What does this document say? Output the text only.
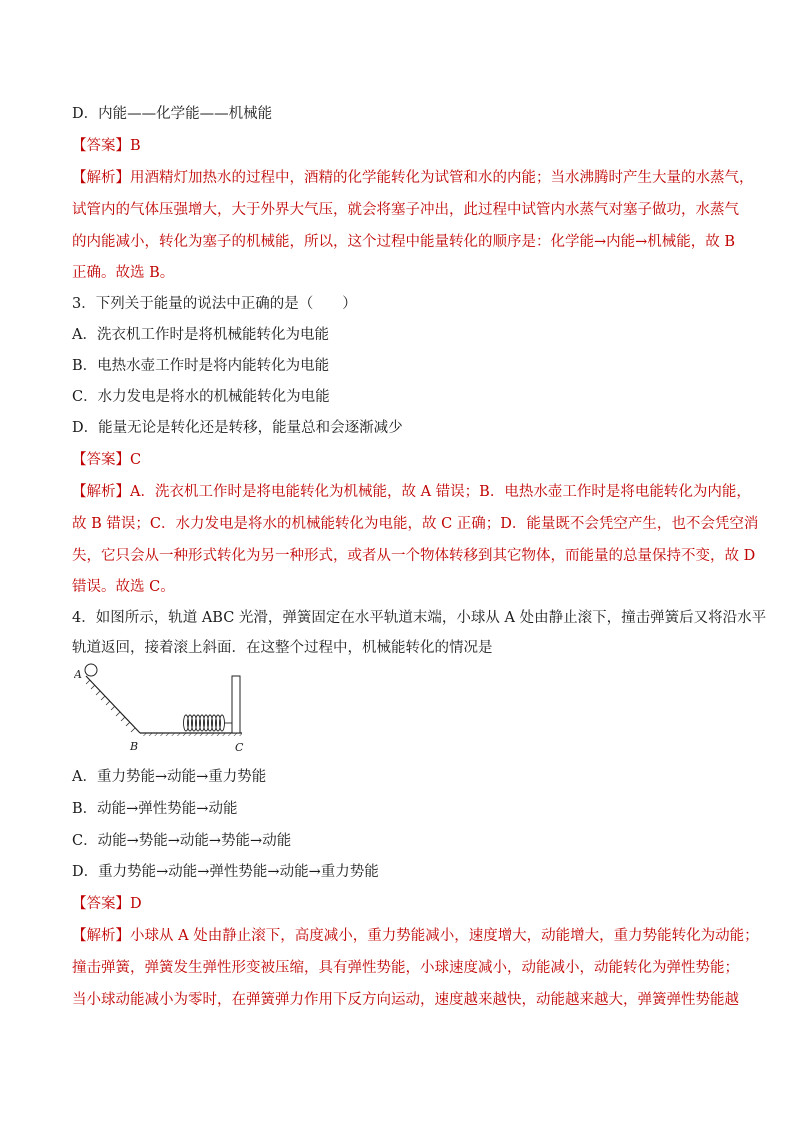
D．内能——化学能——机械能
【答案】B
【解析】用酒精灯加热水的过程中，酒精的化学能转化为试管和水的内能；当水沸腾时产生大量的水蒸气，
试管内的气体压强增大，大于外界大气压，就会将塞子冲出，此过程中试管内水蒸气对塞子做功，水蒸气
的内能减小，转化为塞子的机械能，所以，这个过程中能量转化的顺序是：化学能→内能→机械能，故 B
正确。故选 B。
3．下列关于能量的说法中正确的是（　　）
A．洗衣机工作时是将机械能转化为电能
B．电热水壶工作时是将内能转化为电能
C．水力发电是将水的机械能转化为电能
D．能量无论是转化还是转移，能量总和会逐渐减少
【答案】C
【解析】A．洗衣机工作时是将电能转化为机械能，故 A 错误；B．电热水壶工作时是将电能转化为内能，
故 B 错误；C．水力发电是将水的机械能转化为电能，故 C 正确；D．能量既不会凭空产生，也不会凭空消
失，它只会从一种形式转化为另一种形式，或者从一个物体转移到其它物体，而能量的总量保持不变，故 D
错误。故选 C。
4．如图所示，轨道 ABC 光滑，弹簧固定在水平轨道末端，小球从 A 处由静止滚下，撞击弹簧后又将沿水平
轨道返回，接着滚上斜面．在这整个过程中，机械能转化的情况是
A
B	C
A．重力势能→动能→重力势能
B．动能→弹性势能→动能
C．动能→势能→动能→势能→动能
D．重力势能→动能→弹性势能→动能→重力势能
【答案】D
【解析】小球从 A 处由静止滚下，高度减小，重力势能减小，速度增大，动能增大，重力势能转化为动能；
撞击弹簧，弹簧发生弹性形变被压缩，具有弹性势能，小球速度减小，动能减小，动能转化为弹性势能；
当小球动能减小为零时，在弹簧弹力作用下反方向运动，速度越来越快，动能越来越大，弹簧弹性势能越
